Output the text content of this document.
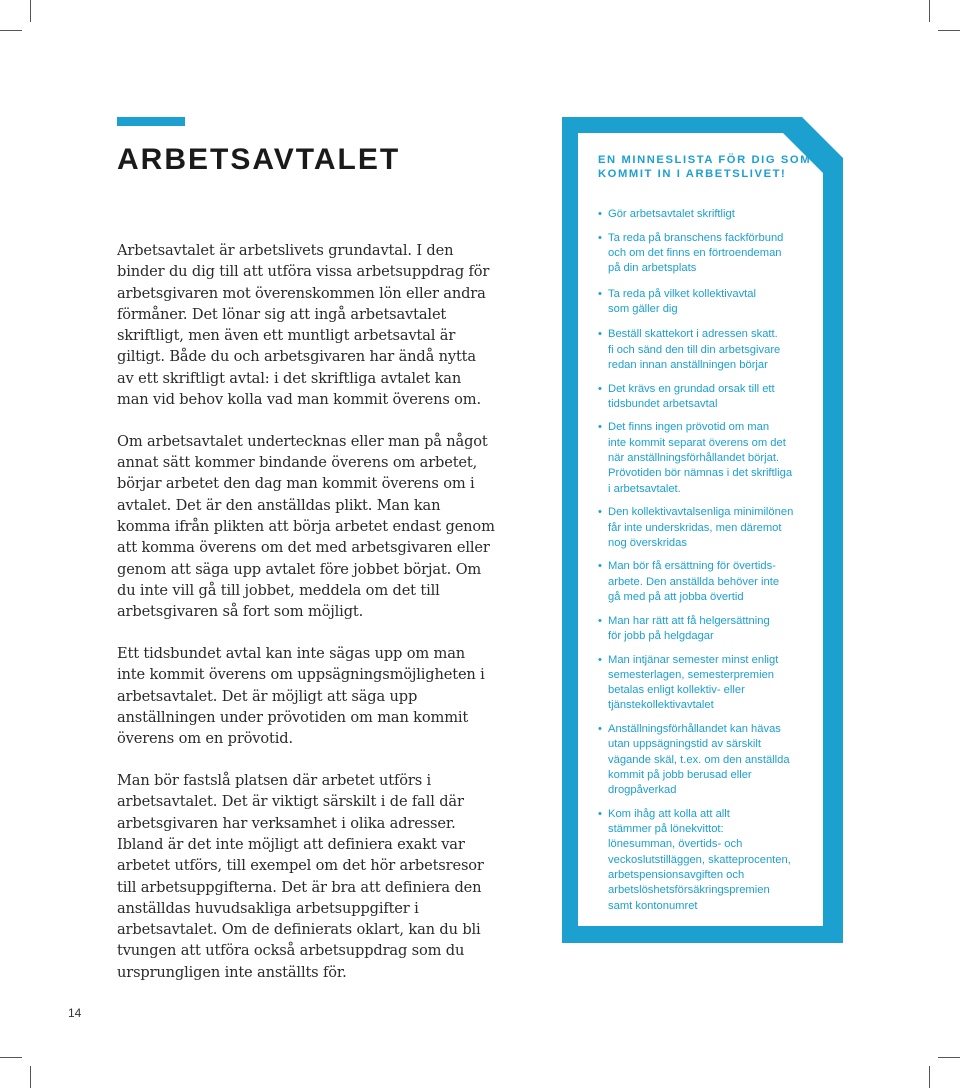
ARBETSAVTALET

Arbetsavtalet är arbetslivets grundavtal. I den binder du dig till att utföra vissa arbetsuppdrag för arbetsgivaren mot överenskommen lön eller andra förmåner. Det lönar sig att ingå arbetsavtalet skriftligt, men även ett muntligt arbetsavtal är giltigt. Både du och arbetsgivaren har ändå nytta av ett skriftligt avtal: i det skriftliga avtalet kan man vid behov kolla vad man kommit överens om.

Om arbetsavtalet undertecknas eller man på något annat sätt kommer bindande överens om arbetet, börjar arbetet den dag man kommit överens om i avtalet. Det är den anställdas plikt. Man kan komma ifrån plikten att börja arbetet endast genom att komma överens om det med arbetsgivaren eller genom att säga upp avtalet före jobbet börjat. Om du inte vill gå till jobbet, meddela om det till arbetsgivaren så fort som möjligt.

Ett tidsbundet avtal kan inte sägas upp om man inte kommit överens om uppsägningsmöjligheten i arbetsavtalet. Det är möjligt att säga upp anställningen under prövotiden om man kommit överens om en prövotid.

Man bör fastslå platsen där arbetet utförs i arbetsavtalet. Det är viktigt särskilt i de fall där arbetsgivaren har verksamhet i olika adresser. Ibland är det inte möjligt att definiera exakt var arbetet utförs, till exempel om det hör arbetsresor till arbetsuppgifterna. Det är bra att definiera den anställdas huvudsakliga arbetsuppgifter i arbetsavtalet. Om de definierats oklart, kan du bli tvungen att utföra också arbetsuppdrag som du ursprungligen inte anställts för.

EN MINNESLISTA FÖR DIG SOM KOMMIT IN I ARBETSLIVET!
• Gör arbetsavtalet skriftligt
• Ta reda på branschens fackförbund
och om det finns en förtroendeman
på din arbetsplats
• Ta reda på vilket kollektivavtal
som gäller dig
• Beställ skattekort i adressen skatt.
fi och sänd den till din arbetsgivare
redan innan anställningen börjar
• Det krävs en grundad orsak till ett
tidsbundet arbetsavtal
• Det finns ingen prövotid om man
inte kommit separat överens om det
när anställningsförhållandet börjat.
Prövotiden bör nämnas i det skriftliga
i arbetsavtalet.
• Den kollektivavtalsenliga minimilönen
får inte underskridas, men däremot
nog överskridas
• Man bör få ersättning för övertids-
arbete. Den anställda behöver inte
gå med på att jobba övertid
• Man har rätt att få helgersättning
för jobb på helgdagar
• Man intjänar semester minst enligt
semesterlagen, semesterpremien
betalas enligt kollektiv- eller
tjänstekollektivavtalet
• Anställningsförhållandet kan hävas
utan uppsägningstid av särskilt
vägande skäl, t.ex. om den anställda
kommit på jobb berusad eller
drogpåverkad
• Kom ihåg att kolla att allt
stämmer på lönekvittot:
lönesumman, övertids- och
veckoslutstilläggen, skatteprocenten,
arbetspensionsavgiften och
arbetslöshetsförsäkringspremien
samt kontonumret
14
